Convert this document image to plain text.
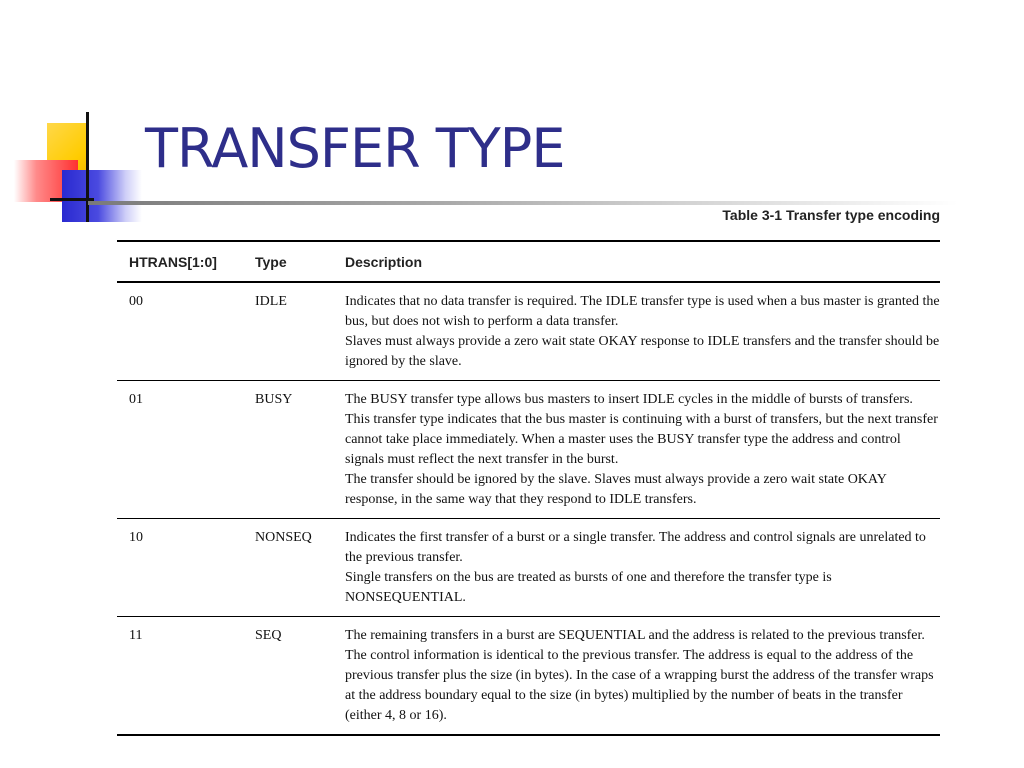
TRANSFER TYPE
Table 3-1 Transfer type encoding
HTRANS[1:0]	Type	Description
00	IDLE	Indicates that no data transfer is required. The IDLE transfer type is used when a bus master is granted the bus, but does not wish to perform a data transfer.

Slaves must always provide a zero wait state OKAY response to IDLE transfers and the transfer should be ignored by the slave.

01	BUSY	The BUSY transfer type allows bus masters to insert IDLE cycles in the middle of bursts of transfers. This transfer type indicates that the bus master is continuing with a burst of transfers, but the next transfer cannot take place immediately. When a master uses the BUSY transfer type the address and control signals must reflect the next transfer in the burst.

The transfer should be ignored by the slave. Slaves must always provide a zero wait state OKAY response, in the same way that they respond to IDLE transfers.

10	NONSEQ	Indicates the first transfer of a burst or a single transfer. The address and control signals are unrelated to the previous transfer.

Single transfers on the bus are treated as bursts of one and therefore the transfer type is NONSEQUENTIAL.

11	SEQ	The remaining transfers in a burst are SEQUENTIAL and the address is related to the previous transfer. The control information is identical to the previous transfer. The address is equal to the address of the previous transfer plus the size (in bytes). In the case of a wrapping burst the address of the transfer wraps at the address boundary equal to the size (in bytes) multiplied by the number of beats in the transfer (either 4, 8 or 16).
